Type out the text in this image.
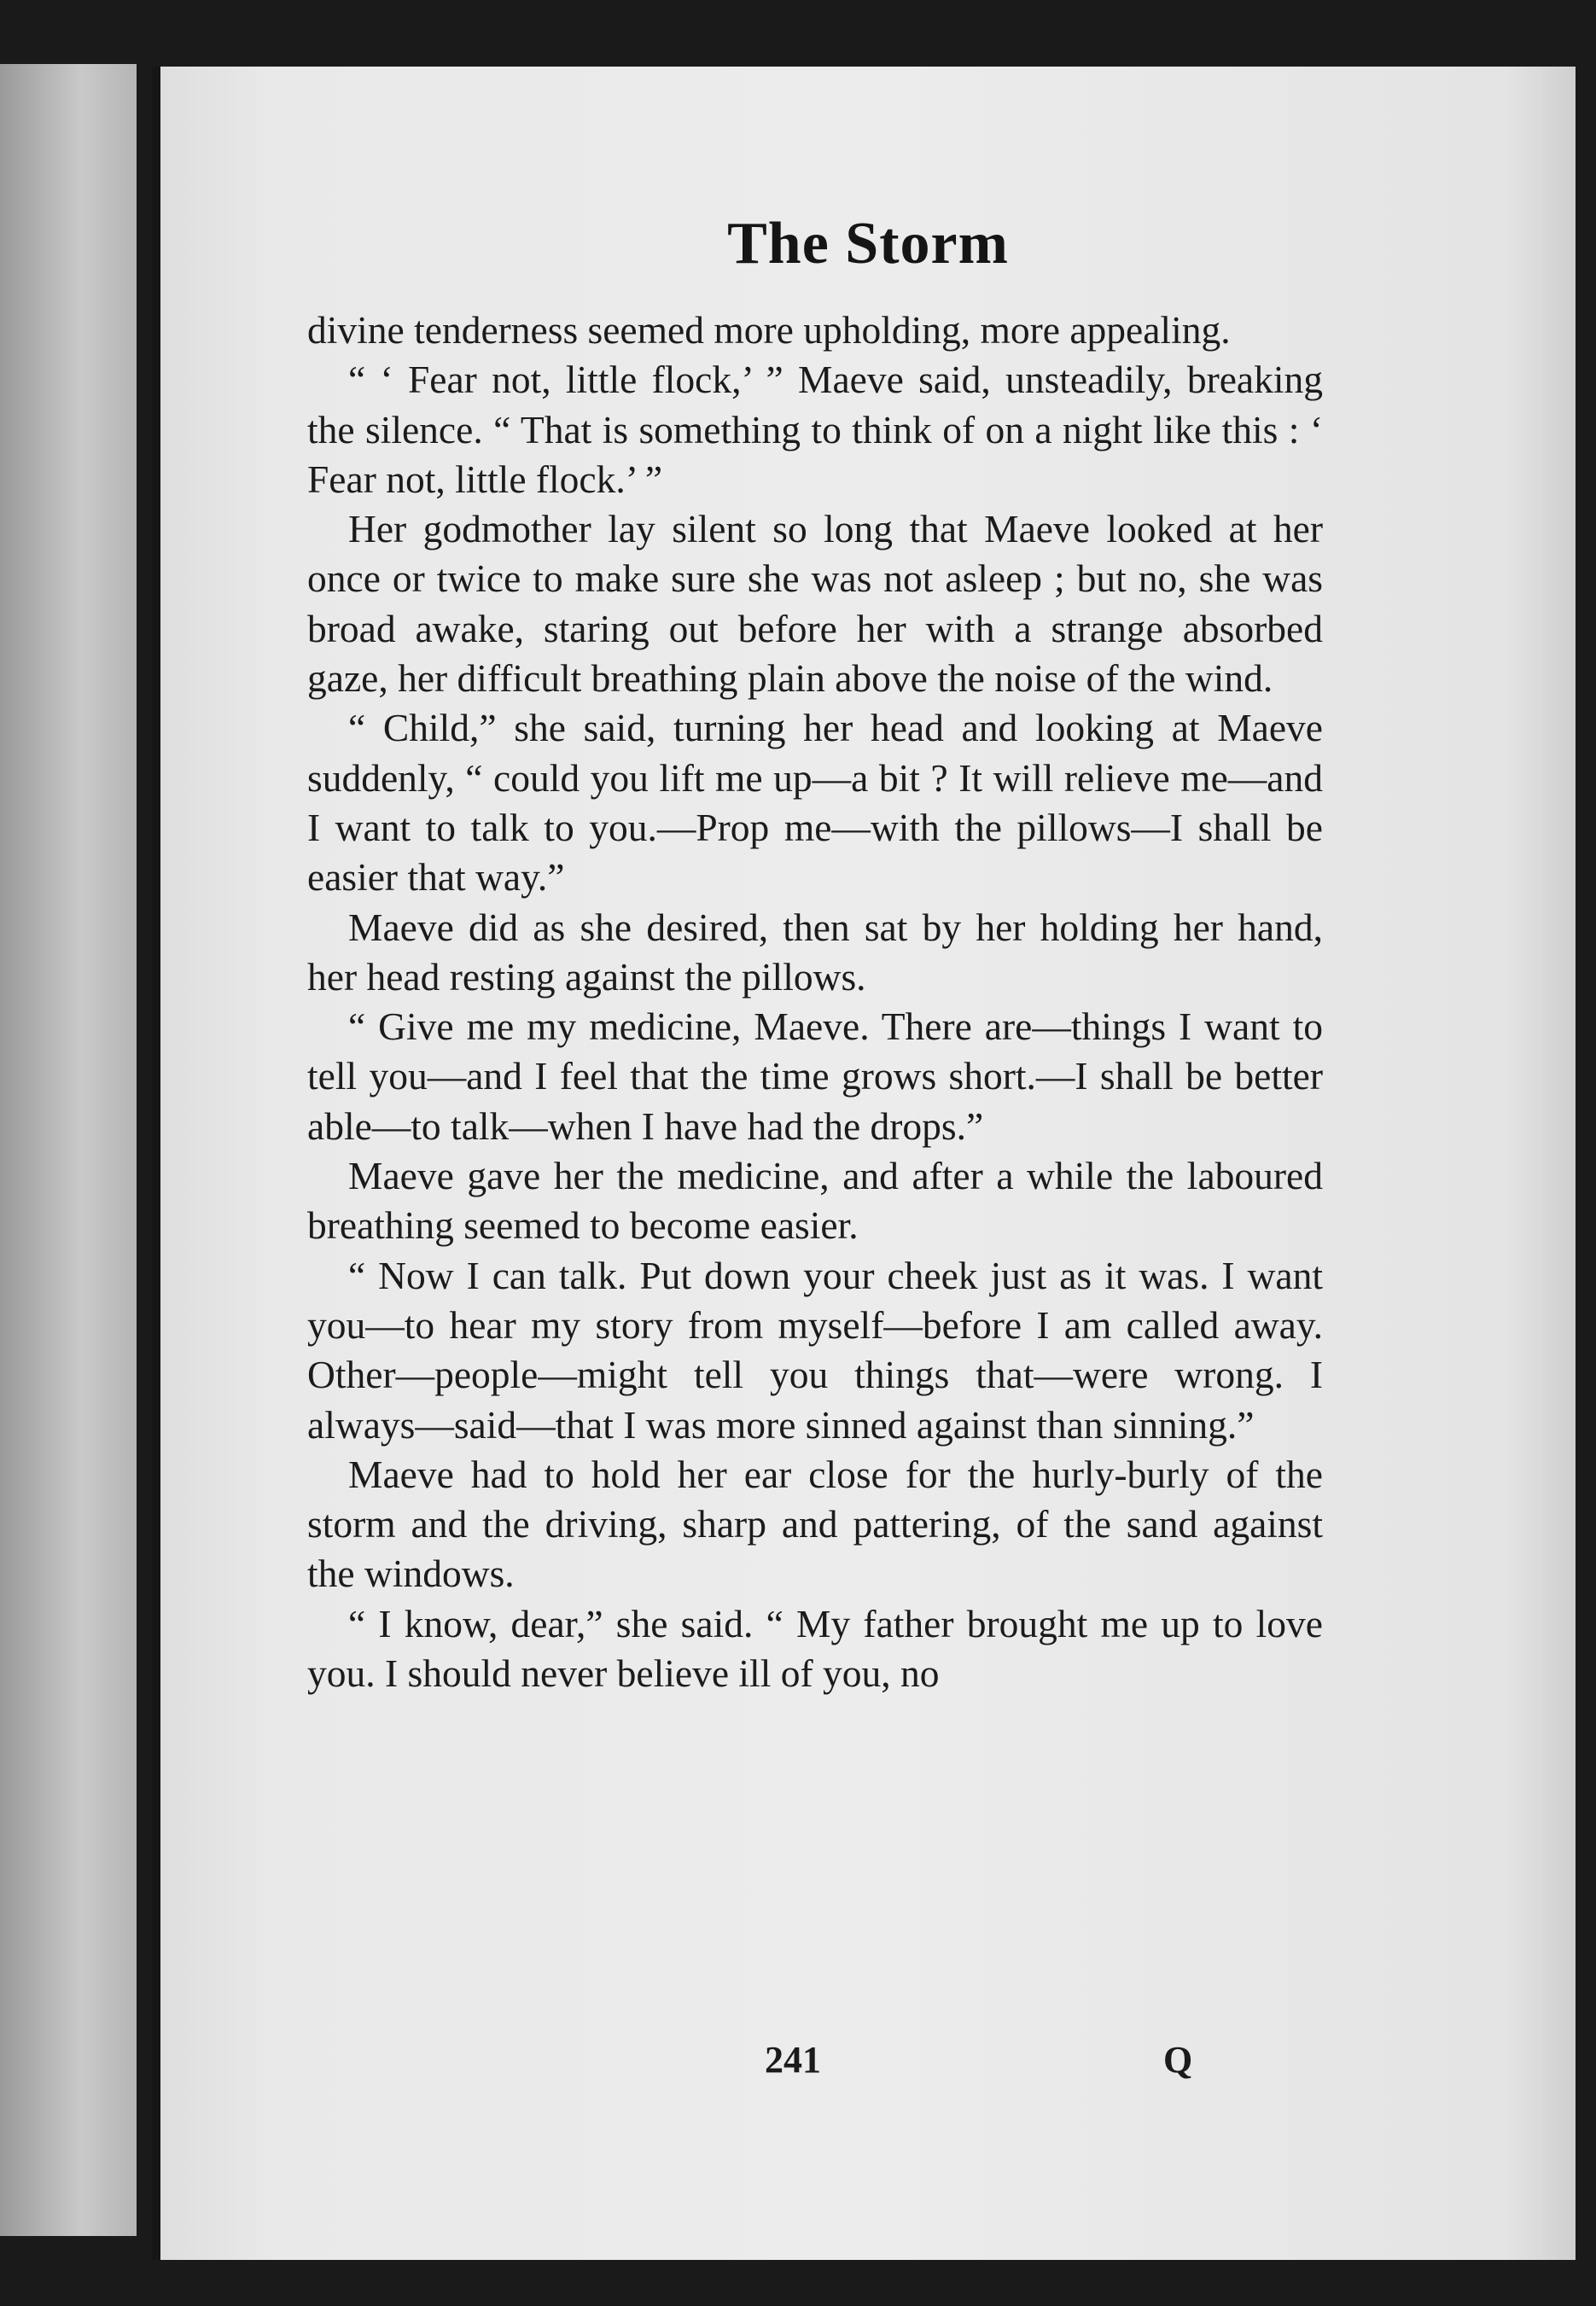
The Storm

divine tenderness seemed more upholding, more appealing.

“ ‘ Fear not, little flock,’ ” Maeve said, unsteadily, breaking the silence. “ That is something to think of on a night like this : ‘ Fear not, little flock.’ ”

Her godmother lay silent so long that Maeve looked at her once or twice to make sure she was not asleep ; but no, she was broad awake, staring out before her with a strange absorbed gaze, her difficult breathing plain above the noise of the wind.

“ Child,” she said, turning her head and looking at Maeve suddenly, “ could you lift me up—a bit ? It will relieve me—and I want to talk to you.—Prop me—with the pillows—I shall be easier that way.”

Maeve did as she desired, then sat by her holding her hand, her head resting against the pillows.

“ Give me my medicine, Maeve. There are—things I want to tell you—and I feel that the time grows short.—I shall be better able—to talk—when I have had the drops.”

Maeve gave her the medicine, and after a while the laboured breathing seemed to become easier.

“ Now I can talk. Put down your cheek just as it was. I want you—to hear my story from myself—before I am called away. Other—people—might tell you things that—were wrong. I always—said—that I was more sinned against than sinning.”

Maeve had to hold her ear close for the hurly-burly of the storm and the driving, sharp and pattering, of the sand against the windows.

“ I know, dear,” she said. “ My father brought me up to love you. I should never believe ill of you, no

241	Q
